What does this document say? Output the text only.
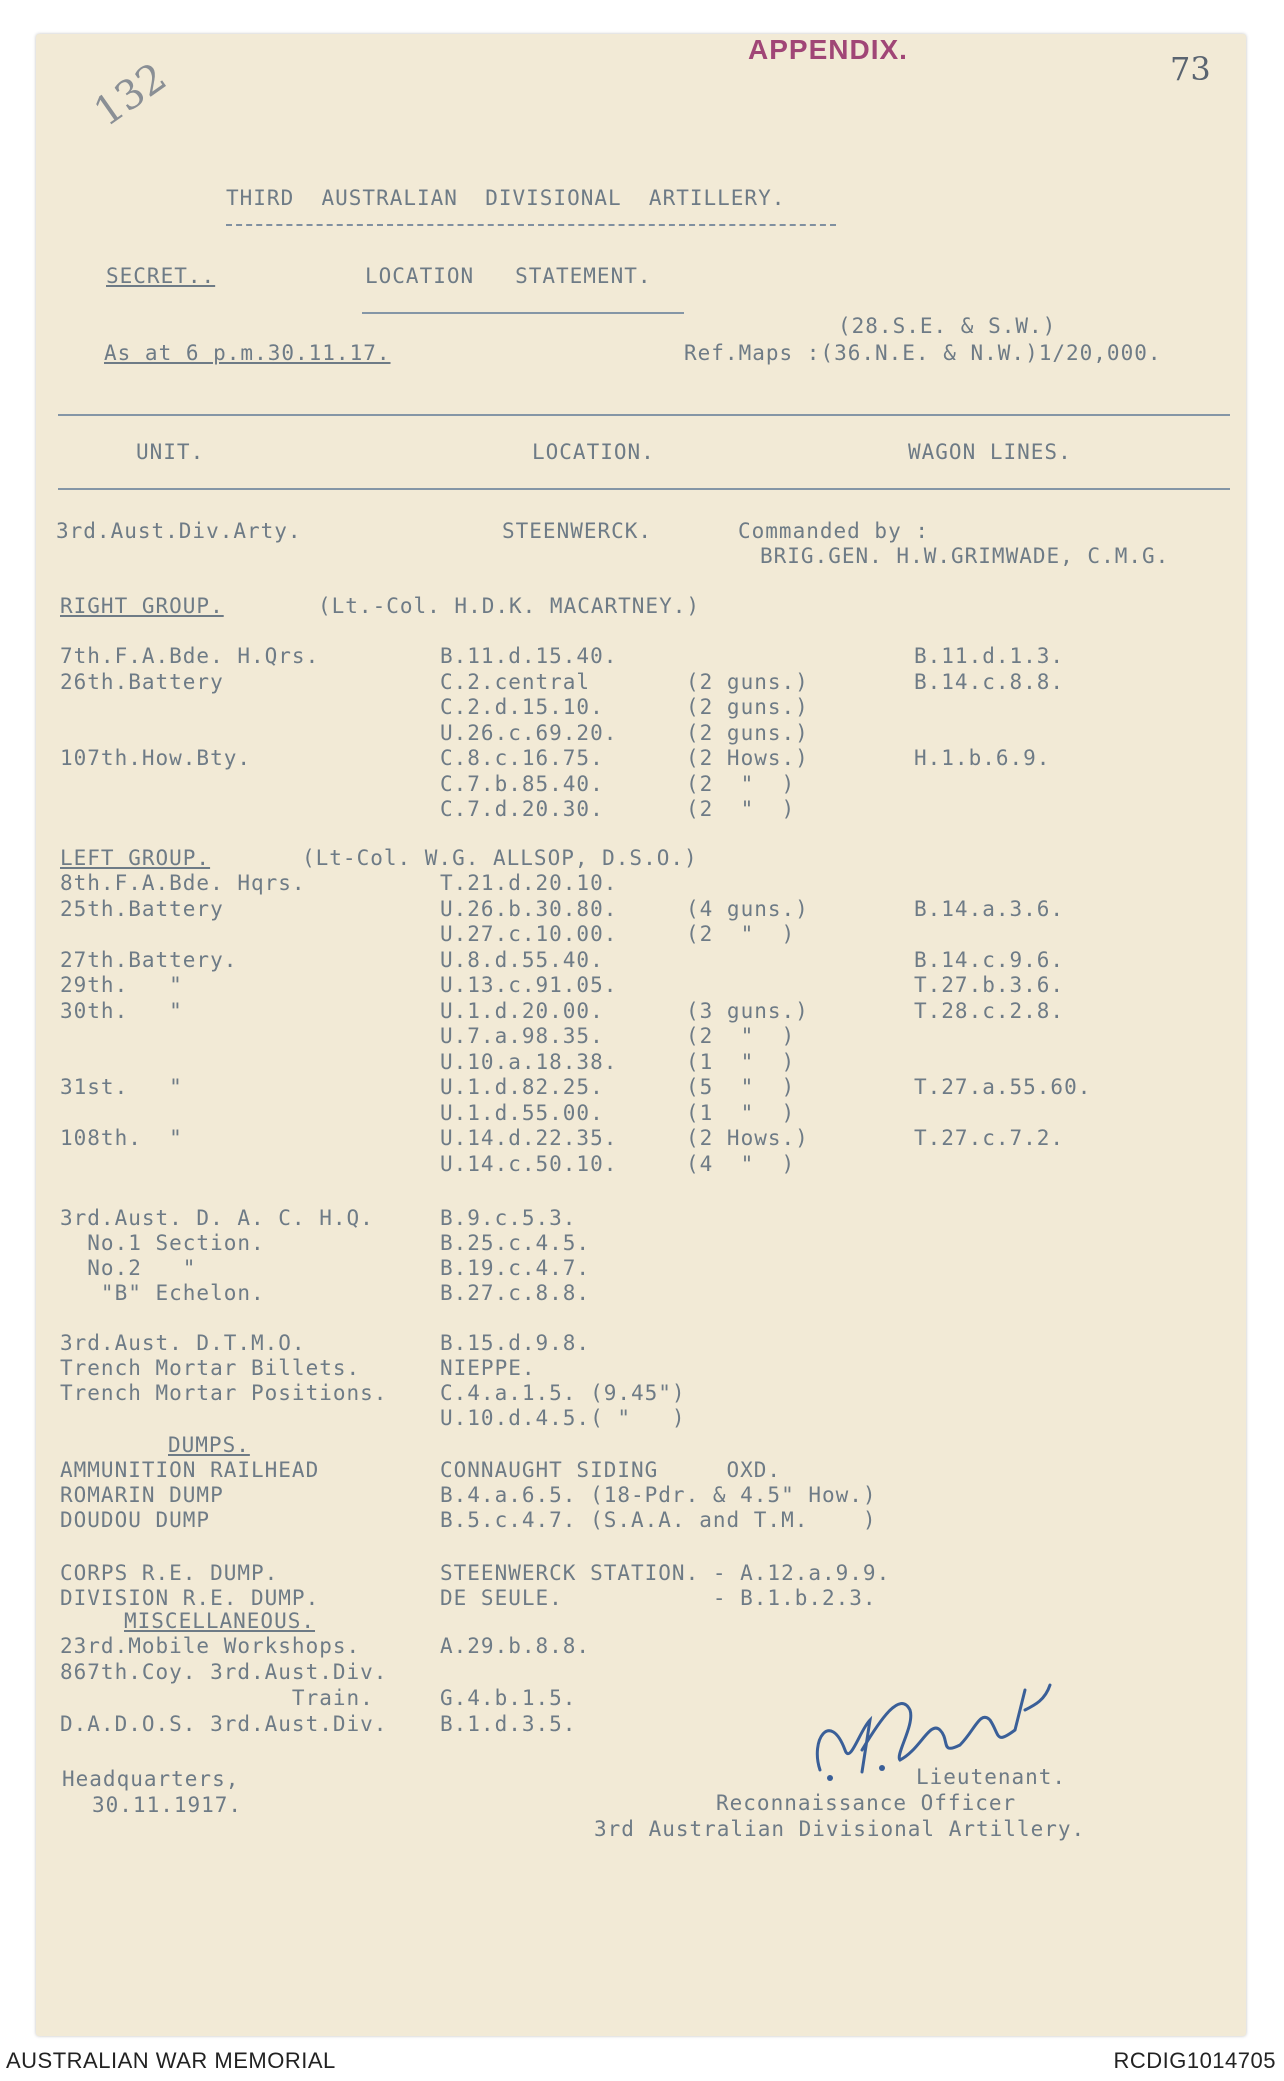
APPENDIX.
73
132
THIRD  AUSTRALIAN  DIVISIONAL  ARTILLERY.
SECRET..	LOCATION   STATEMENT.
(28.S.E. & S.W.)
As at 6 p.m.30.11.17.	Ref.Maps :(36.N.E. & N.W.)1/20,000.
UNIT.	LOCATION.	WAGON LINES.
3rd.Aust.Div.Arty.	STEENWERCK.	Commanded by :
BRIG.GEN. H.W.GRIMWADE, C.M.G.
RIGHT GROUP.	(Lt.-Col. H.D.K. MACARTNEY.)
7th.F.A.Bde. H.Qrs.	B.11.d.15.40.	B.11.d.1.3.
26th.Battery	C.2.central	(2 guns.)	B.14.c.8.8.
C.2.d.15.10.	(2 guns.)
U.26.c.69.20.	(2 guns.)
107th.How.Bty.	C.8.c.16.75.	(2 Hows.)	H.1.b.6.9.
C.7.b.85.40.	(2  "  )
C.7.d.20.30.	(2  "  )
LEFT GROUP.	(Lt-Col. W.G. ALLSOP, D.S.O.)
8th.F.A.Bde. Hqrs.	T.21.d.20.10.
25th.Battery	U.26.b.30.80.	(4 guns.)	B.14.a.3.6.
U.27.c.10.00.	(2  "  )
27th.Battery.	U.8.d.55.40.	B.14.c.9.6.
29th.   "	U.13.c.91.05.	T.27.b.3.6.
30th.   "	U.1.d.20.00.	(3 guns.)	T.28.c.2.8.
U.7.a.98.35.	(2  "  )
U.10.a.18.38.	(1  "  )
31st.   "	U.1.d.82.25.	(5  "  )	T.27.a.55.60.
U.1.d.55.00.	(1  "  )
108th.  "	U.14.d.22.35.	(2 Hows.)	T.27.c.7.2.
U.14.c.50.10.	(4  "  )
3rd.Aust. D. A. C. H.Q.	B.9.c.5.3.
No.1 Section.	B.25.c.4.5.
No.2   "	B.19.c.4.7.
"B" Echelon.	B.27.c.8.8.
3rd.Aust. D.T.M.O.	B.15.d.9.8.
Trench Mortar Billets.	NIEPPE.
Trench Mortar Positions.	C.4.a.1.5. (9.45")
U.10.d.4.5.( "   )
DUMPS.
AMMUNITION RAILHEAD	CONNAUGHT SIDING     OXD.
ROMARIN DUMP	B.4.a.6.5. (18-Pdr. & 4.5" How.)
DOUDOU DUMP	B.5.c.4.7. (S.A.A. and T.M.    )
CORPS R.E. DUMP.	STEENWERCK STATION. - A.12.a.9.9.
DIVISION R.E. DUMP.	DE SEULE.           - B.1.b.2.3.
MISCELLANEOUS.
23rd.Mobile Workshops.	A.29.b.8.8.
867th.Coy. 3rd.Aust.Div.
Train.	G.4.b.1.5.
D.A.D.O.S. 3rd.Aust.Div.	B.1.d.3.5.
Headquarters,
30.11.1917.
Lieutenant.
Reconnaissance Officer
3rd Australian Divisional Artillery.
AUSTRALIAN WAR MEMORIAL	RCDIG1014705
